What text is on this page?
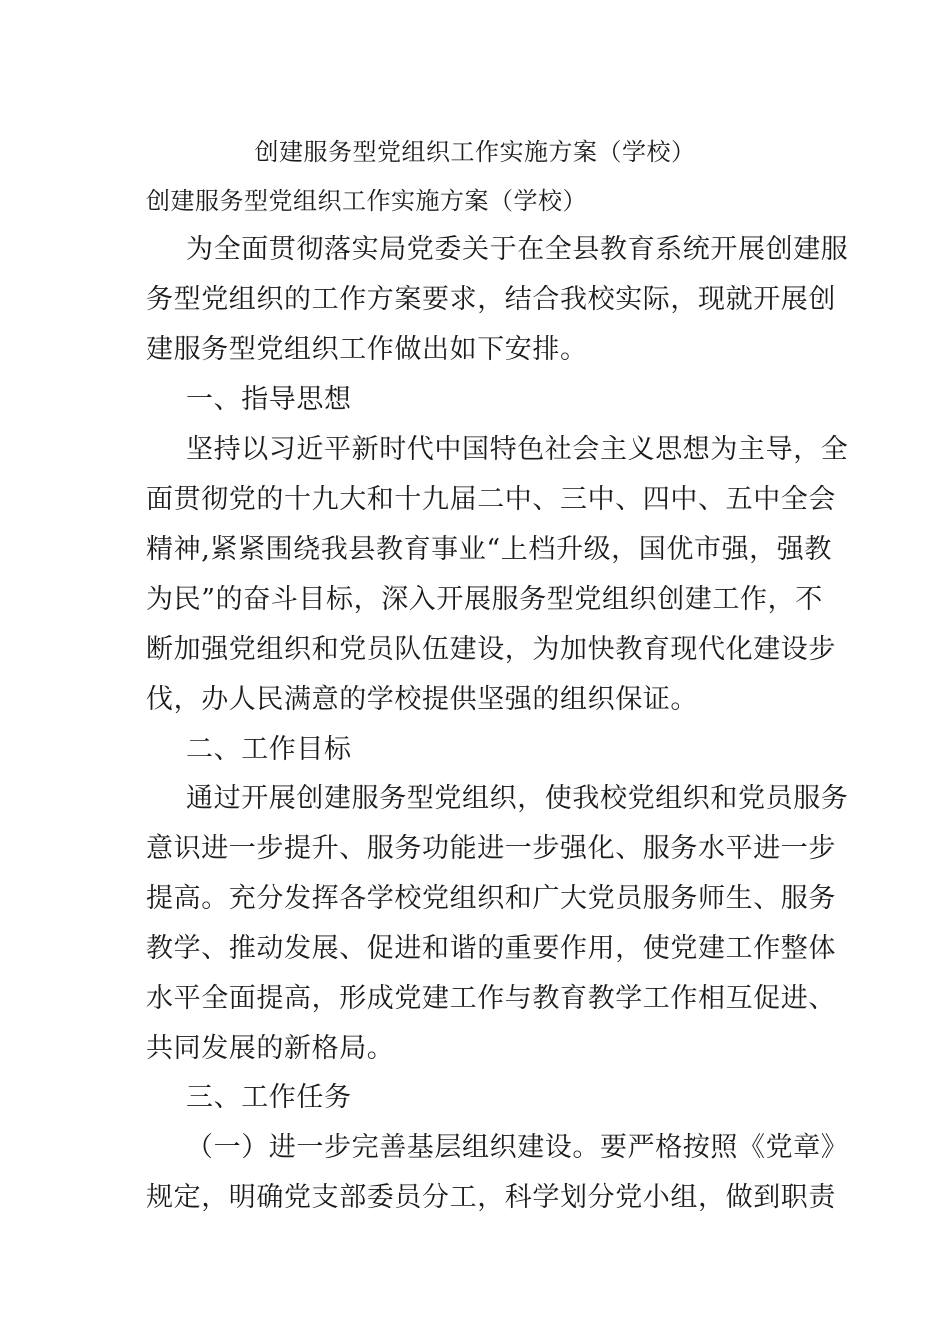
创建服务型党组织工作实施方案（学校）
创建服务型党组织工作实施方案（学校）
为全面贯彻落实局党委关于在全县教育系统开展创建服
务型党组织的工作方案要求，结合我校实际，现就开展创
建服务型党组织工作做出如下安排。
一、指导思想
坚持以习近平新时代中国特色社会主义思想为主导，全
面贯彻党的十九大和十九届二中、三中、四中、五中全会
精神,紧紧围绕我县教育事业“上档升级，国优市强，强教
为民”的奋斗目标，深入开展服务型党组织创建工作，不
断加强党组织和党员队伍建设，为加快教育现代化建设步
伐，办人民满意的学校提供坚强的组织保证。
二、工作目标
通过开展创建服务型党组织，使我校党组织和党员服务
意识进一步提升、服务功能进一步强化、服务水平进一步
提高。充分发挥各学校党组织和广大党员服务师生、服务
教学、推动发展、促进和谐的重要作用，使党建工作整体
水平全面提高，形成党建工作与教育教学工作相互促进、
共同发展的新格局。
三、工作任务
（一）进一步完善基层组织建设。要严格按照《党章》
规定，明确党支部委员分工，科学划分党小组，做到职责
